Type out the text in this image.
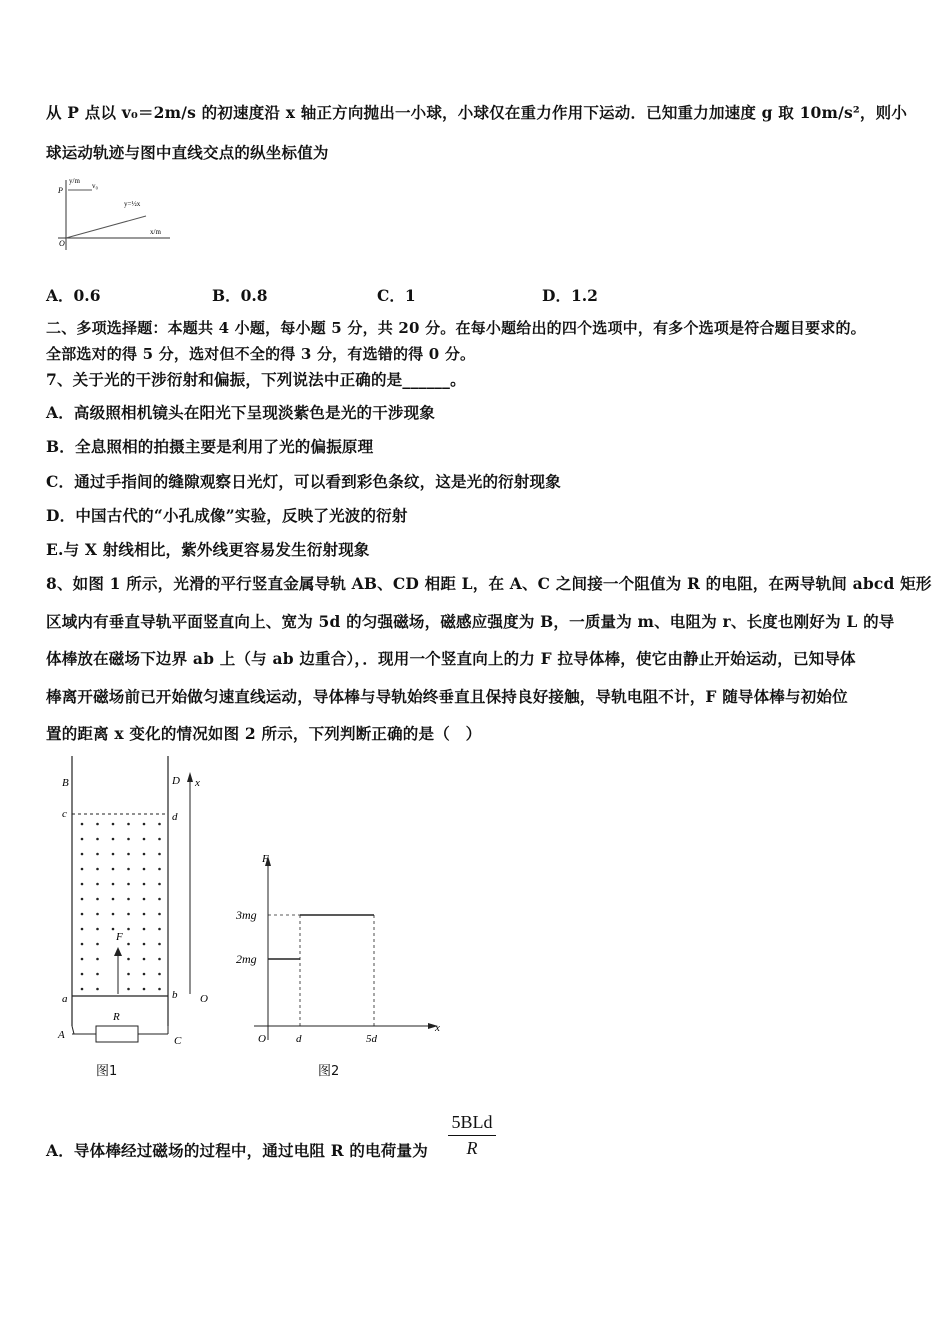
从 P 点以 v₀＝2m/s 的初速度沿 x 轴正方向抛出一小球，小球仅在重力作用下运动．已知重力加速度 g 取 10m/s²，则小
球运动轨迹与图中直线交点的纵坐标值为
y/m
v₀
P
y=½x
O
x/m
A．0.6	B．0.8	C．1	D．1.2
二、多项选择题：本题共 4 小题，每小题 5 分，共 20 分。在每小题给出的四个选项中，有多个选项是符合题目要求的。
全部选对的得 5 分，选对但不全的得 3 分，有选错的得 0 分。
7、关于光的干涉衍射和偏振，下列说法中正确的是______。
A．高级照相机镜头在阳光下呈现淡紫色是光的干涉现象
B．全息照相的拍摄主要是利用了光的偏振原理
C．通过手指间的缝隙观察日光灯，可以看到彩色条纹，这是光的衍射现象
D．中国古代的“小孔成像”实验，反映了光波的衍射
E.与 X 射线相比，紫外线更容易发生衍射现象
8、如图 1 所示，光滑的平行竖直金属导轨 AB、CD 相距 L，在 A、C 之间接一个阻值为 R 的电阻，在两导轨间 abcd 矩形
区域内有垂直导轨平面竖直向上、宽为 5d 的匀强磁场，磁感应强度为 B，一质量为 m、电阻为 r、长度也刚好为 L 的导
体棒放在磁场下边界 ab 上（与 ab 边重合），．现用一个竖直向上的力 F 拉导体棒，使它由静止开始运动，已知导体
棒离开磁场前已开始做匀速直线运动，导体棒与导轨始终垂直且保持良好接触，导轨电阻不计，F 随导体棒与初始位
置的距离 x 变化的情况如图 2 所示，下列判断正确的是（　）
B	D x
c	d
F
a	b O
R
A	C
图1
F
3mg
2mg
O	d	5d
x
图2
A．导体棒经过磁场的过程中，通过电阻 R 的电荷量为
5BLd
R
